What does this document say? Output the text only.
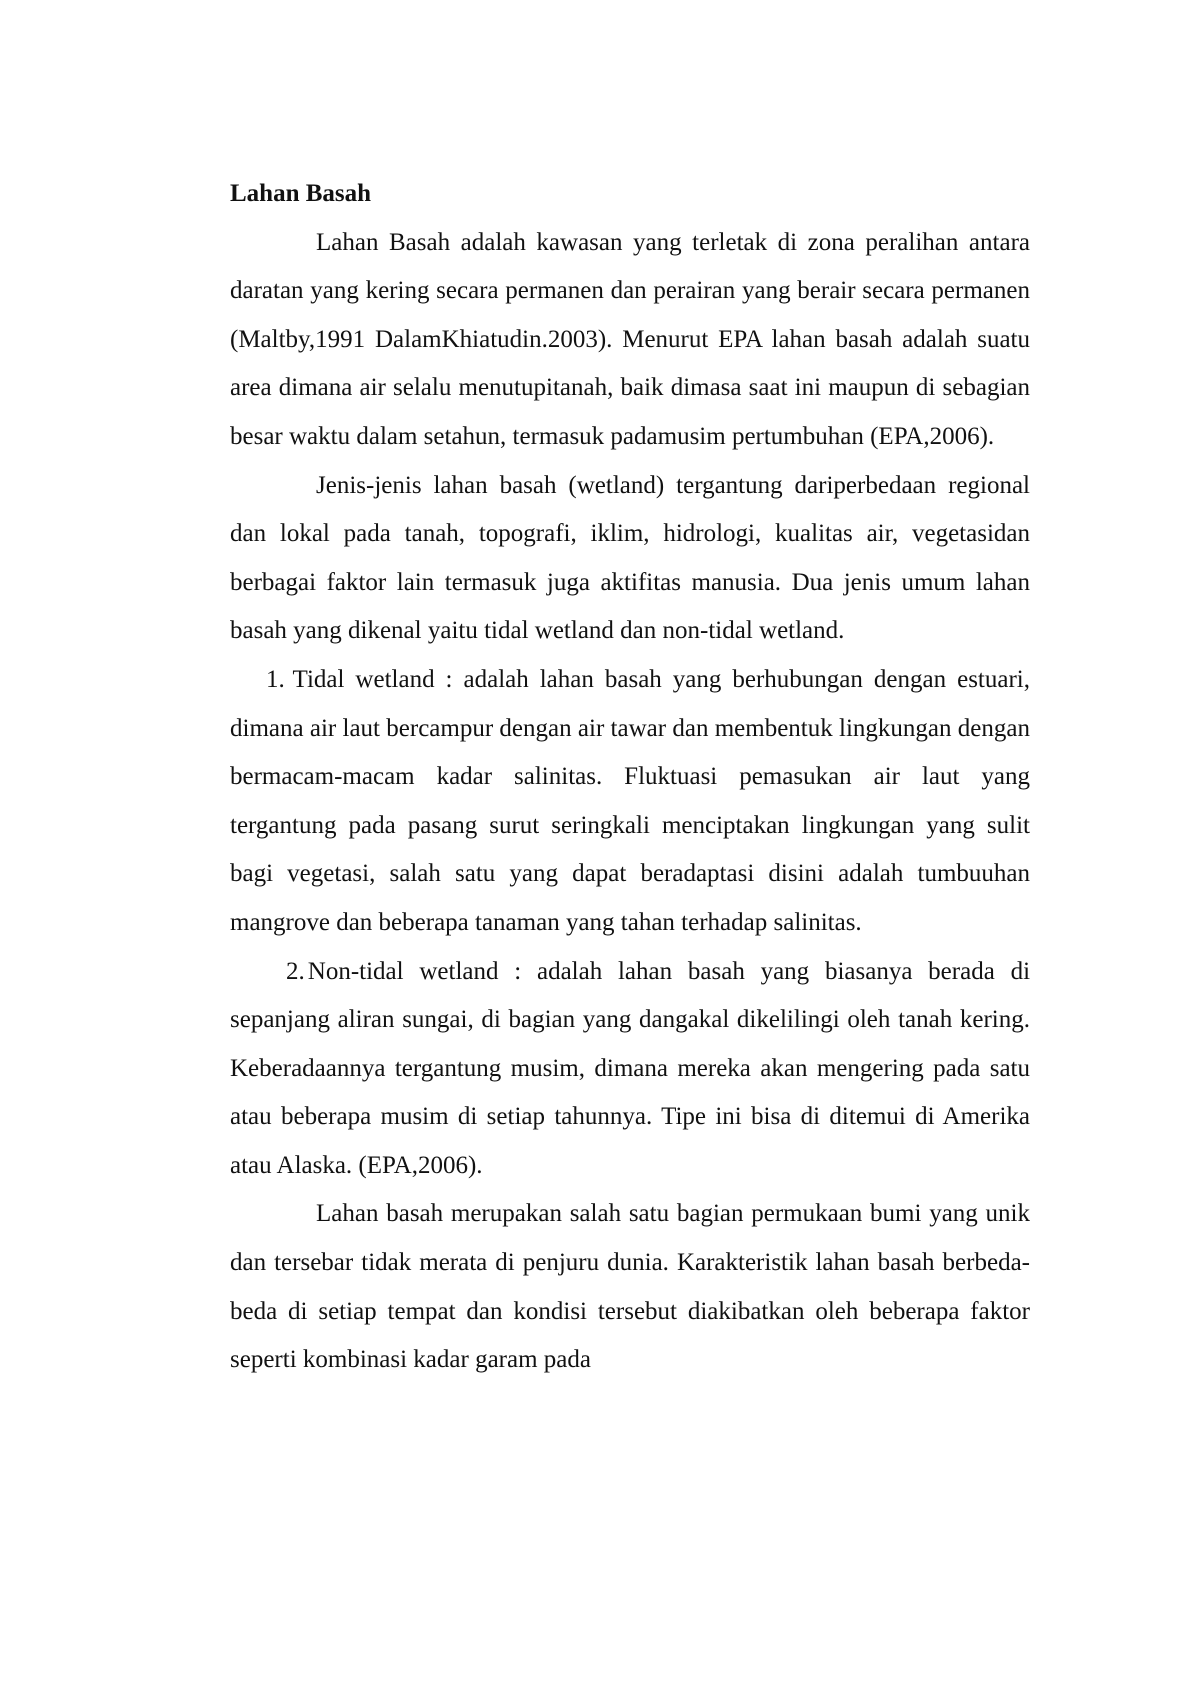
Lahan Basah

Lahan Basah adalah kawasan yang terletak di zona peralihan antara daratan yang kering secara permanen dan perairan yang berair secara permanen (Maltby,1991 DalamKhiatudin.2003). Menurut EPA lahan basah adalah suatu area dimana air selalu menutupitanah, baik dimasa saat ini maupun di sebagian besar waktu dalam setahun, termasuk padamusim pertumbuhan (EPA,2006).

Jenis-jenis lahan basah (wetland) tergantung dariperbedaan regional dan lokal pada tanah, topografi, iklim, hidrologi, kualitas air, vegetasidan berbagai faktor lain termasuk juga aktifitas manusia. Dua jenis umum lahan basah yang dikenal yaitu tidal wetland dan non-tidal wetland.

1. Tidal wetland : adalah lahan basah yang berhubungan dengan estuari, dimana air laut bercampur dengan air tawar dan membentuk lingkungan dengan bermacam-macam kadar salinitas. Fluktuasi pemasukan air laut yang tergantung pada pasang surut seringkali menciptakan lingkungan yang sulit bagi vegetasi, salah satu yang dapat beradaptasi disini adalah tumbuuhan mangrove dan beberapa tanaman yang tahan terhadap salinitas.
2. Non-tidal wetland : adalah lahan basah yang biasanya berada di sepanjang aliran sungai, di bagian yang dangakal dikelilingi oleh tanah kering. Keberadaannya tergantung musim, dimana mereka akan mengering pada satu atau beberapa musim di setiap tahunnya. Tipe ini bisa di ditemui di Amerika atau Alaska. (EPA,2006).

Lahan basah merupakan salah satu bagian permukaan bumi yang unik dan tersebar tidak merata di penjuru dunia. Karakteristik lahan basah berbeda-beda di setiap tempat dan kondisi tersebut diakibatkan oleh beberapa faktor seperti kombinasi kadar garam pada
